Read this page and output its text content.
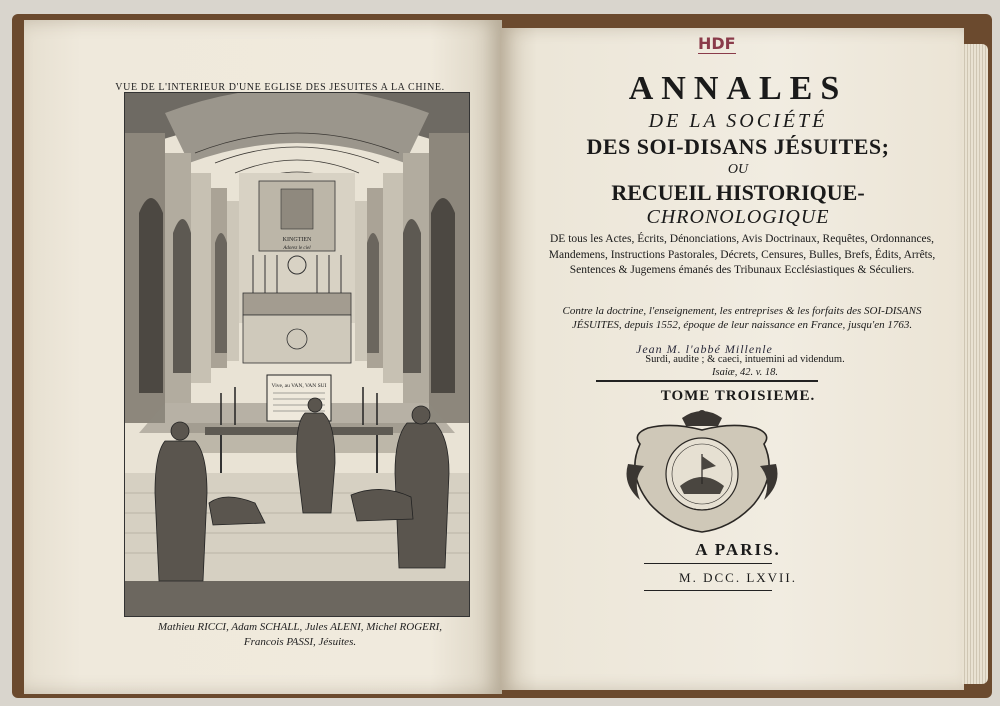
VUE DE L'INTERIEUR D'UNE EGLISE DES JESUITES A LA CHINE.
KINGTIEN
Adorez le ciel
Vive, au VAN, VAN SUI
Mathieu RICCI, Adam SCHALL, Jules ALENI, Michel ROGERI,
Francois PASSI, Jésuites.
HDF
ANNALES
DE LA SOCIÉTÉ
DES SOI-DISANS JÉSUITES;
OU
RECUEIL HISTORIQUE-
CHRONOLOGIQUE
DE tous les Actes, Écrits, Dénonciations, Avis Doctrinaux, Requêtes, Ordonnances, Mandemens, Instructions Pastorales, Décrets, Censures, Bulles, Brefs, Édits, Arrêts, Sentences & Jugemens émanés des Tribunaux Ecclésiastiques & Séculiers.
Contre la doctrine, l'enseignement, les entreprises & les forfaits des SOI-DISANS JÉSUITES, depuis 1552, époque de leur naissance en France, jusqu'en 1763.
Jean M. l'abbé Millenle
Surdi, audite ; & caeci, intuemini ad videndum.
Isaiæ, 42. v. 18.
TOME TROISIEME.
A PARIS.
M. DCC. LXVII.
